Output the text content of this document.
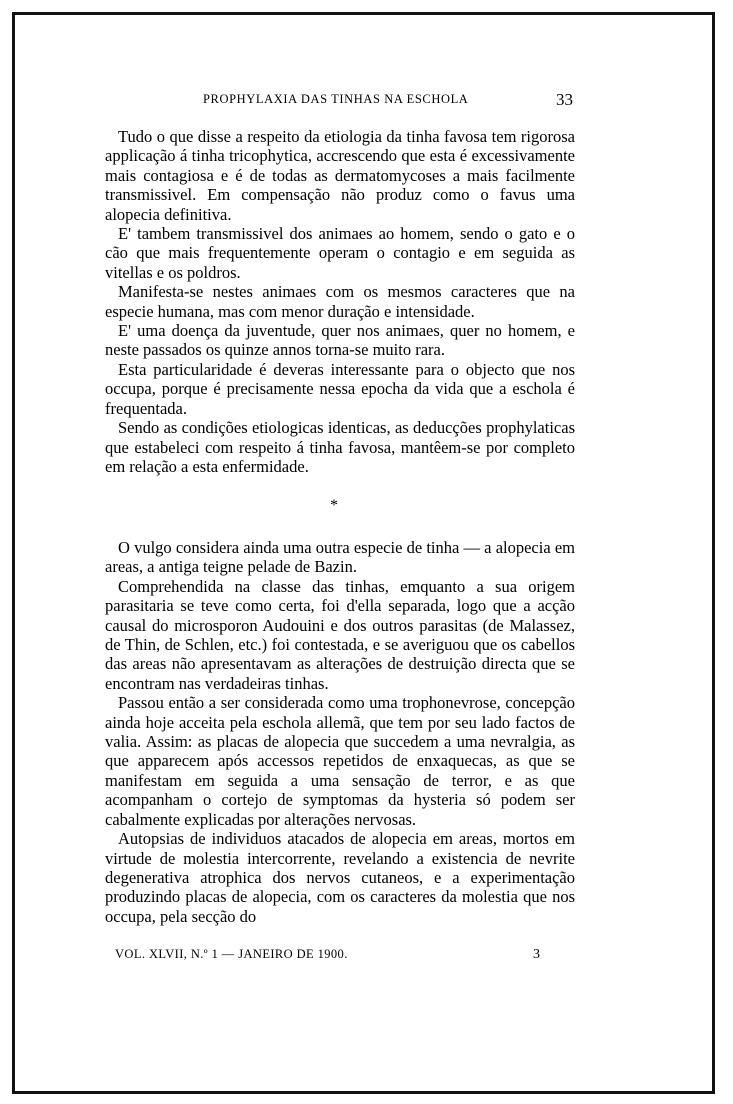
PROPHYLAXIA DAS TINHAS NA ESCHOLA	33

Tudo o que disse a respeito da etiologia da tinha favosa tem rigorosa applicação á tinha tricophytica, accrescendo que esta é excessivamente mais contagiosa e é de todas as dermatomycoses a mais facilmente transmissivel. Em compensação não produz como o favus uma alopecia definitiva.

E' tambem transmissivel dos animaes ao homem, sendo o gato e o cão que mais frequentemente operam o contagio e em seguida as vitellas e os poldros.

Manifesta-se nestes animaes com os mesmos caracteres que na especie humana, mas com menor duração e intensidade.

E' uma doença da juventude, quer nos animaes, quer no homem, e neste passados os quinze annos torna-se muito rara.

Esta particularidade é deveras interessante para o objecto que nos occupa, porque é precisamente nessa epocha da vida que a eschola é frequentada.

Sendo as condições etiologicas identicas, as deducções prophylaticas que estabeleci com respeito á tinha favosa, mantêem-se por completo em relação a esta enfermidade.

*

O vulgo considera ainda uma outra especie de tinha — a alopecia em areas, a antiga teigne pelade de Bazin.

Comprehendida na classe das tinhas, emquanto a sua origem parasitaria se teve como certa, foi d'ella separada, logo que a acção causal do microsporon Audouini e dos outros parasitas (de Malassez, de Thin, de Schlen, etc.) foi contestada, e se averiguou que os cabellos das areas não apresentavam as alterações de destruição directa que se encontram nas verdadeiras tinhas.

Passou então a ser considerada como uma trophonevrose, concepção ainda hoje acceita pela eschola allemã, que tem por seu lado factos de valia. Assim: as placas de alopecia que succedem a uma nevralgia, as que apparecem após accessos repetidos de enxaquecas, as que se manifestam em seguida a uma sensação de terror, e as que acompanham o cortejo de symptomas da hysteria só podem ser cabalmente explicadas por alterações nervosas.

Autopsias de individuos atacados de alopecia em areas, mortos em virtude de molestia intercorrente, revelando a existencia de nevrite degenerativa atrophica dos nervos cutaneos, e a experimentação produzindo placas de alopecia, com os caracteres da molestia que nos occupa, pela secção do

VOL. XLVII, N.º 1 — JANEIRO DE 1900.	3
